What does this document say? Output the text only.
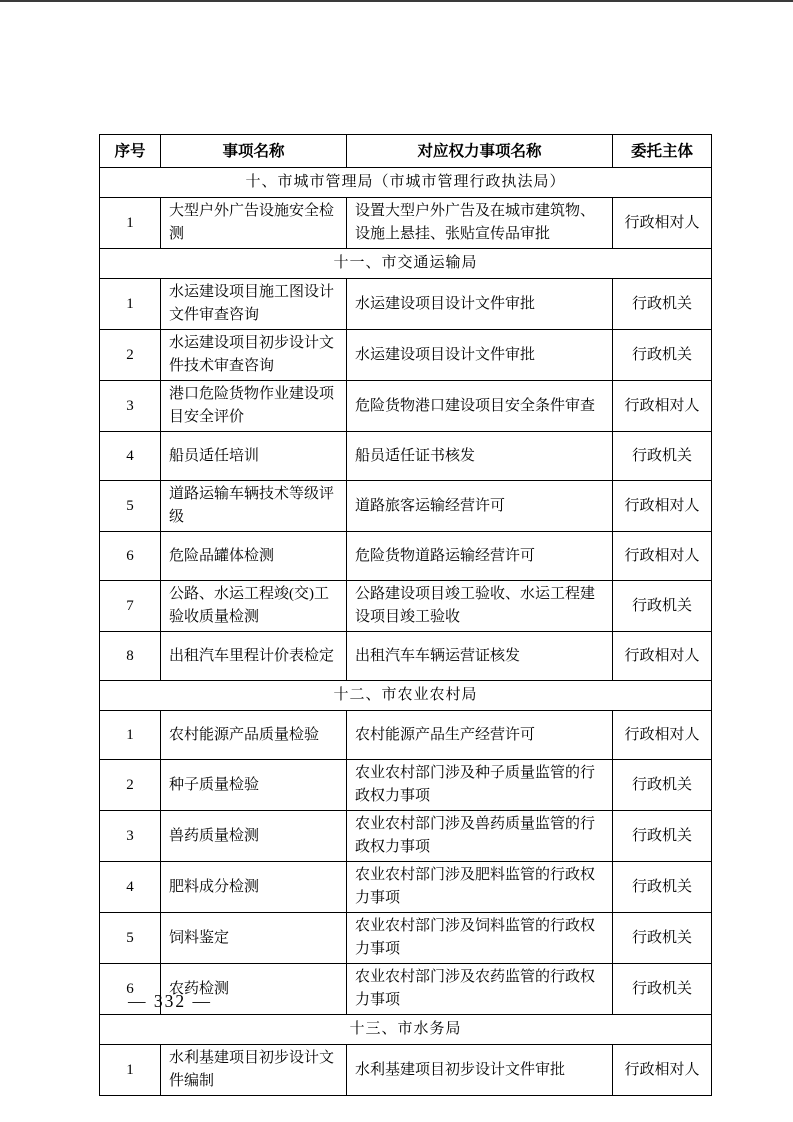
序号	事项名称	对应权力事项名称	委托主体
十、市城市管理局（市城市管理行政执法局）			
1	大型户外广告设施安全检测	设置大型户外广告及在城市建筑物、设施上悬挂、张贴宣传品审批	行政相对人
十一、市交通运输局			
1	水运建设项目施工图设计文件审查咨询	水运建设项目设计文件审批	行政机关
2	水运建设项目初步设计文件技术审查咨询	水运建设项目设计文件审批	行政机关
3	港口危险货物作业建设项目安全评价	危险货物港口建设项目安全条件审查	行政相对人
4	船员适任培训	船员适任证书核发	行政机关
5	道路运输车辆技术等级评级	道路旅客运输经营许可	行政相对人
6	危险品罐体检测	危险货物道路运输经营许可	行政相对人
7	公路、水运工程竣(交)工验收质量检测	公路建设项目竣工验收、水运工程建设项目竣工验收	行政机关
8	出租汽车里程计价表检定	出租汽车车辆运营证核发	行政相对人
十二、市农业农村局			
1	农村能源产品质量检验	农村能源产品生产经营许可	行政相对人
2	种子质量检验	农业农村部门涉及种子质量监管的行政权力事项	行政机关
3	兽药质量检测	农业农村部门涉及兽药质量监管的行政权力事项	行政机关
4	肥料成分检测	农业农村部门涉及肥料监管的行政权力事项	行政机关
5	饲料鉴定	农业农村部门涉及饲料监管的行政权力事项	行政机关
6	农药检测	农业农村部门涉及农药监管的行政权力事项	行政机关
十三、市水务局			
1	水利基建项目初步设计文件编制	水利基建项目初步设计文件审批	行政相对人
— 332 —
